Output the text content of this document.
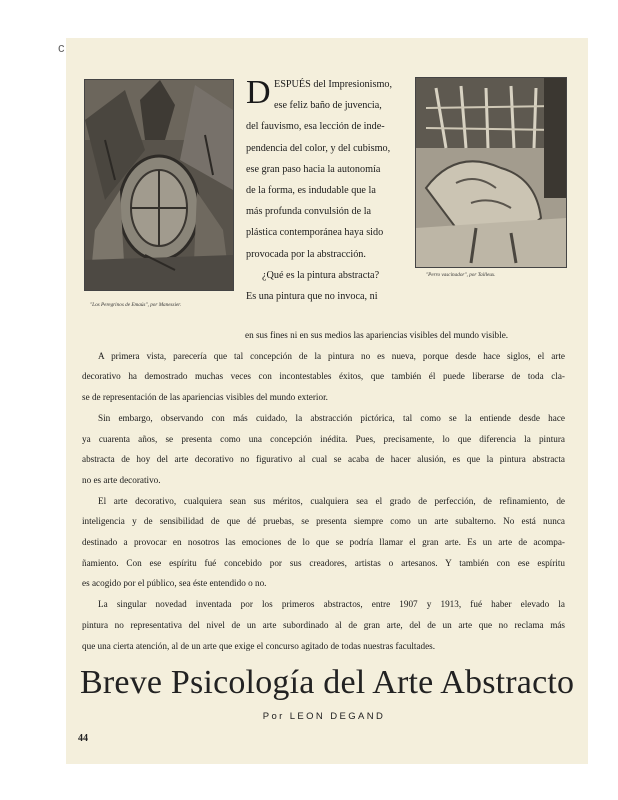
c
"Los Peregrinos de Emaús", por Manessier.
"Perro vascinador", por Tailleux.
D ESPUÉS del Impresionismo,
ese feliz baño de juvencia,
del fauvismo, esa lección de inde-
pendencia del color, y del cubismo,
ese gran paso hacia la autonomía
de la forma, es indudable que la
más profunda convulsión de la
plástica contemporánea haya sido
provocada por la abstracción.
¿Qué es la pintura abstracta?
Es una pintura que no invoca, ni
en sus fines ni en sus medios las apariencias visibles del mundo visible.
A primera vista, parecería que tal concepción de la pintura no es nueva, porque desde hace siglos, el arte
decorativo ha demostrado muchas veces con incontestables éxitos, que también él puede liberarse de toda cla-
se de representación de las apariencias visibles del mundo exterior.
Sin embargo, observando con más cuidado, la abstracción pictórica, tal como se la entiende desde hace
ya cuarenta años, se presenta como una concepción inédita. Pues, precisamente, lo que diferencia la pintura
abstracta de hoy del arte decorativo no figurativo al cual se acaba de hacer alusión, es que la pintura abstracta
no es arte decorativo.
El arte decorativo, cualquiera sean sus méritos, cualquiera sea el grado de perfección, de refinamiento, de
inteligencia y de sensibilidad de que dé pruebas, se presenta siempre como un arte subalterno. No está nunca
destinado a provocar en nosotros las emociones de lo que se podría llamar el gran arte. Es un arte de acompa-
ñamiento. Con ese espíritu fué concebido por sus creadores, artistas o artesanos. Y también con ese espíritu
es acogido por el público, sea éste entendido o no.
La singular novedad inventada por los primeros abstractos, entre 1907 y 1913, fué haber elevado la
pintura no representativa del nivel de un arte subordinado al de gran arte, del de un arte que no reclama más
que una cierta atención, al de un arte que exige el concurso agitado de todas nuestras facultades.
Breve Psicología del Arte Abstracto
Por LEON DEGAND
44
